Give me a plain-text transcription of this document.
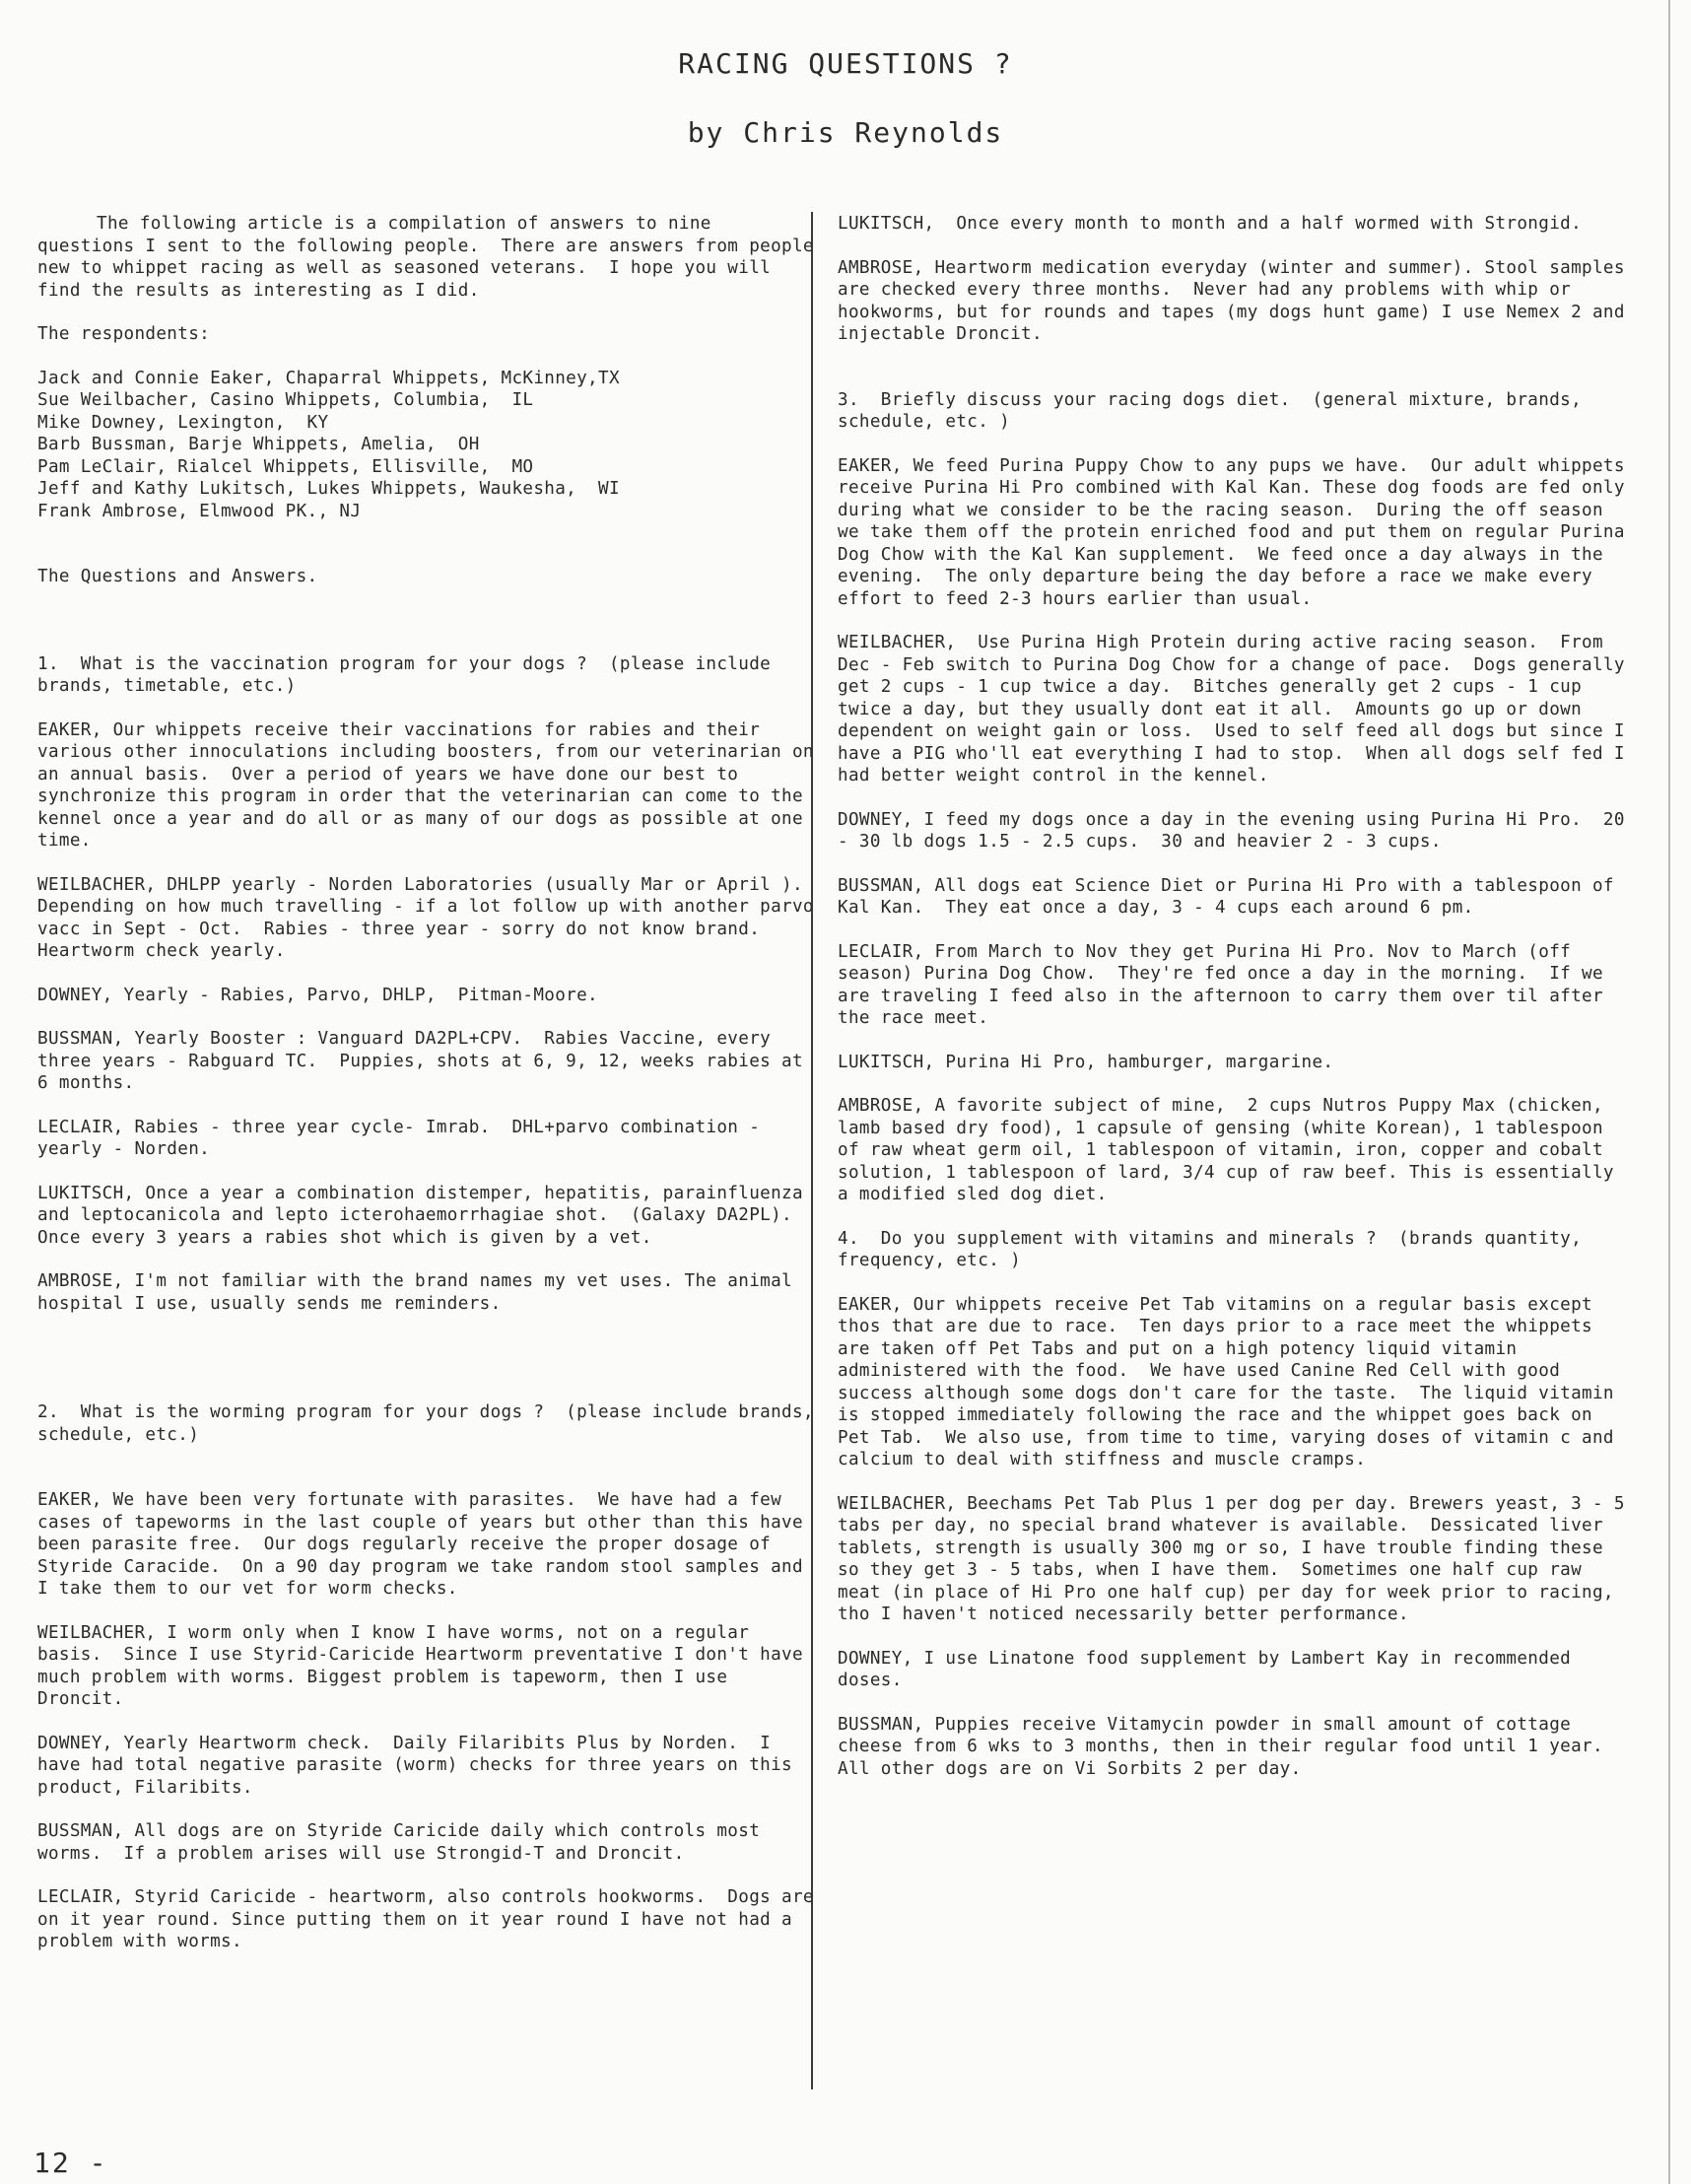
RACING QUESTIONS ?
by Chris Reynolds

The following article is a compilation of answers to nine questions I sent to the following people.  There are answers from people new to whippet racing as well as seasoned veterans.  I hope you will find the results as interesting as I did.

The respondents:

Jack and Connie Eaker, Chaparral Whippets, McKinney,TX
Sue Weilbacher, Casino Whippets, Columbia,  IL
Mike Downey, Lexington,  KY
Barb Bussman, Barje Whippets, Amelia,  OH
Pam LeClair, Rialcel Whippets, Ellisville,  MO
Jeff and Kathy Lukitsch, Lukes Whippets, Waukesha,  WI
Frank Ambrose, Elmwood PK., NJ

The Questions and Answers.

1.  What is the vaccination program for your dogs ?  (please include brands, timetable, etc.)

EAKER, Our whippets receive their vaccinations for rabies and their various other innoculations including boosters, from our veterinarian on an annual basis.  Over a period of years we have done our best to synchronize this program in order that the veterinarian can come to the kennel once a year and do all or as many of our dogs as possible at one time.

WEILBACHER, DHLPP yearly - Norden Laboratories (usually Mar or April ).  Depending on how much travelling - if a lot follow up with another parvo vacc in Sept - Oct.  Rabies - three year - sorry do not know brand.  Heartworm check yearly.

DOWNEY, Yearly - Rabies, Parvo, DHLP,  Pitman-Moore.

BUSSMAN, Yearly Booster : Vanguard DA2PL+CPV.  Rabies Vaccine, every three years - Rabguard TC.  Puppies, shots at 6, 9, 12, weeks rabies at 6 months.

LECLAIR, Rabies - three year cycle- Imrab.  DHL+parvo combination - yearly - Norden.

LUKITSCH, Once a year a combination distemper, hepatitis, parainfluenza and leptocanicola and lepto icterohaemorrhagiae shot.  (Galaxy DA2PL).  Once every 3 years a rabies shot which is given by a vet.

AMBROSE, I'm not familiar with the brand names my vet uses. The animal hospital I use, usually sends me reminders.

2.  What is the worming program for your dogs ?  (please include brands, schedule, etc.)

EAKER, We have been very fortunate with parasites.  We have had a few cases of tapeworms in the last couple of years but other than this have been parasite free.  Our dogs regularly receive the proper dosage of Styride Caracide.  On a 90 day program we take random stool samples and I take them to our vet for worm checks.

WEILBACHER, I worm only when I know I have worms, not on a regular basis.  Since I use Styrid-Caricide Heartworm preventative I don't have much problem with worms. Biggest problem is tapeworm, then I use Droncit.

DOWNEY, Yearly Heartworm check.  Daily Filaribits Plus by Norden.  I have had total negative parasite (worm) checks for three years on this product, Filaribits.

BUSSMAN, All dogs are on Styride Caricide daily which controls most worms.  If a problem arises will use Strongid-T and Droncit.

LECLAIR, Styrid Caricide - heartworm, also controls hookworms.  Dogs are on it year round. Since putting them on it year round I have not had a problem with worms.

LUKITSCH,  Once every month to month and a half wormed with Strongid.

AMBROSE, Heartworm medication everyday (winter and summer). Stool samples are checked every three months.  Never had any problems with whip or hookworms, but for rounds and tapes (my dogs hunt game) I use Nemex 2 and injectable Droncit.

3.  Briefly discuss your racing dogs diet.  (general mixture, brands, schedule, etc. )

EAKER, We feed Purina Puppy Chow to any pups we have.  Our adult whippets receive Purina Hi Pro combined with Kal Kan. These dog foods are fed only during what we consider to be the racing season.  During the off season we take them off the protein enriched food and put them on regular Purina Dog Chow with the Kal Kan supplement.  We feed once a day always in the evening.  The only departure being the day before a race we make every effort to feed 2-3 hours earlier than usual.

WEILBACHER,  Use Purina High Protein during active racing season.  From Dec - Feb switch to Purina Dog Chow for a change of pace.  Dogs generally get 2 cups - 1 cup twice a day.  Bitches generally get 2 cups - 1 cup twice a day, but they usually dont eat it all.  Amounts go up or down dependent on weight gain or loss.  Used to self feed all dogs but since I have a PIG who'll eat everything I had to stop.  When all dogs self fed I had better weight control in the kennel.

DOWNEY, I feed my dogs once a day in the evening using Purina Hi Pro.  20 - 30 lb dogs 1.5 - 2.5 cups.  30 and heavier 2 - 3 cups.

BUSSMAN, All dogs eat Science Diet or Purina Hi Pro with a tablespoon of Kal Kan.  They eat once a day, 3 - 4 cups each around 6 pm.

LECLAIR, From March to Nov they get Purina Hi Pro. Nov to March (off season) Purina Dog Chow.  They're fed once a day in the morning.  If we are traveling I feed also in the afternoon to carry them over til after the race meet.

LUKITSCH, Purina Hi Pro, hamburger, margarine.

AMBROSE, A favorite subject of mine,  2 cups Nutros Puppy Max (chicken, lamb based dry food), 1 capsule of gensing (white Korean), 1 tablespoon of raw wheat germ oil, 1 tablespoon of vitamin, iron, copper and cobalt solution, 1 tablespoon of lard, 3/4 cup of raw beef. This is essentially a modified sled dog diet.

4.  Do you supplement with vitamins and minerals ?  (brands quantity, frequency, etc. )

EAKER, Our whippets receive Pet Tab vitamins on a regular basis except thos that are due to race.  Ten days prior to a race meet the whippets are taken off Pet Tabs and put on a high potency liquid vitamin administered with the food.  We have used Canine Red Cell with good success although some dogs don't care for the taste.  The liquid vitamin is stopped immediately following the race and the whippet goes back on Pet Tab.  We also use, from time to time, varying doses of vitamin c and calcium to deal with stiffness and muscle cramps.

WEILBACHER, Beechams Pet Tab Plus 1 per dog per day. Brewers yeast, 3 - 5 tabs per day, no special brand whatever is available.  Dessicated liver tablets, strength is usually 300 mg or so, I have trouble finding these so they get 3 - 5 tabs, when I have them.  Sometimes one half cup raw meat (in place of Hi Pro one half cup) per day for week prior to racing, tho I haven't noticed necessarily better performance.

DOWNEY, I use Linatone food supplement by Lambert Kay in recommended doses.

BUSSMAN, Puppies receive Vitamycin powder in small amount of cottage cheese from 6 wks to 3 months, then in their regular food until 1 year.  All other dogs are on Vi Sorbits 2 per day.

12 -
